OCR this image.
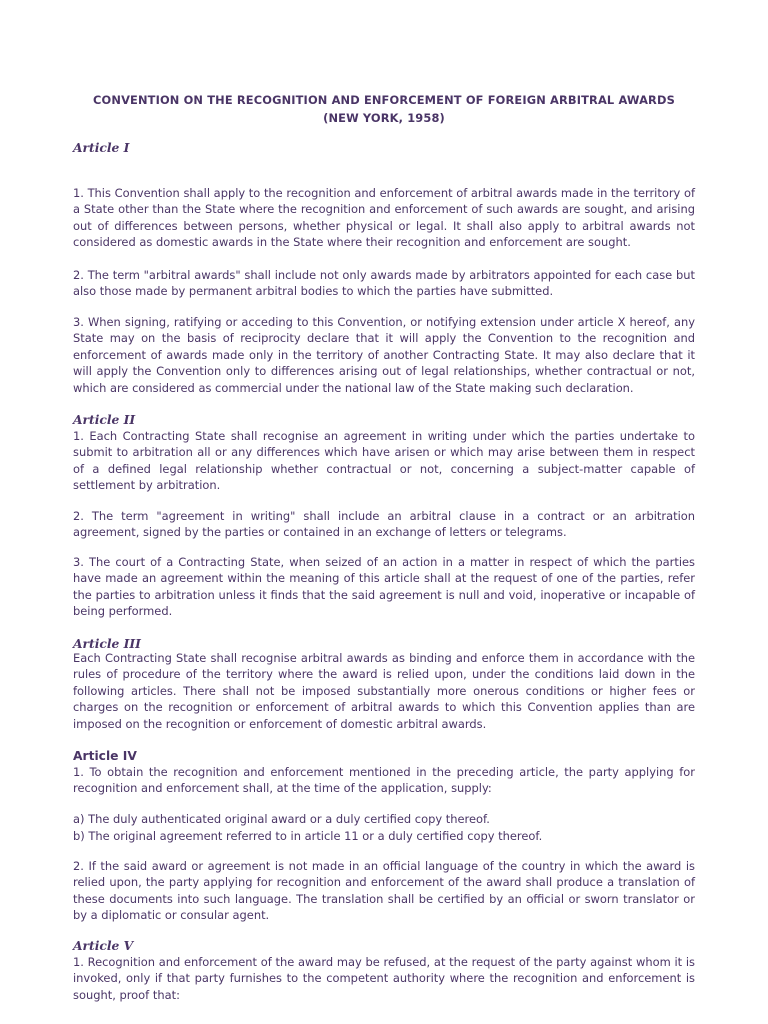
CONVENTION ON THE RECOGNITION AND ENFORCEMENT OF FOREIGN ARBITRAL AWARDS

(NEW YORK, 1958)

Article I

1. This Convention shall apply to the recognition and enforcement of arbitral awards made in the territory of a State other than the State where the recognition and enforcement of such awards are sought, and arising out of differences between persons, whether physical or legal. It shall also apply to arbitral awards not considered as domestic awards in the State where their recognition and enforcement are sought.

2. The term "arbitral awards" shall include not only awards made by arbitrators appointed for each case but also those made by permanent arbitral bodies to which the parties have submitted.

3. When signing, ratifying or acceding to this Convention, or notifying extension under article X hereof, any State may on the basis of reciprocity declare that it will apply the Convention to the recognition and enforcement of awards made only in the territory of another Contracting State. It may also declare that it will apply the Convention only to differences arising out of legal relationships, whether contractual or not, which are considered as commercial under the national law of the State making such declaration.

Article II

1. Each Contracting State shall recognise an agreement in writing under which the parties undertake to submit to arbitration all or any differences which have arisen or which may arise between them in respect of a defined legal relationship whether contractual or not, concerning a subject-matter capable of settlement by arbitration.

2. The term "agreement in writing" shall include an arbitral clause in a contract or an arbitration agreement, signed by the parties or contained in an exchange of letters or telegrams.

3. The court of a Contracting State, when seized of an action in a matter in respect of which the parties have made an agreement within the meaning of this article shall at the request of one of the parties, refer the parties to arbitration unless it finds that the said agreement is null and void, inoperative or incapable of being performed.

Article III

Each Contracting State shall recognise arbitral awards as binding and enforce them in accordance with the rules of procedure of the territory where the award is relied upon, under the conditions laid down in the following articles. There shall not be imposed substantially more onerous conditions or higher fees or charges on the recognition or enforcement of arbitral awards to which this Convention applies than are imposed on the recognition or enforcement of domestic arbitral awards.

Article IV

1. To obtain the recognition and enforcement mentioned in the preceding article, the party applying for recognition and enforcement shall, at the time of the application, supply:

a) The duly authenticated original award or a duly certified copy thereof.

b) The original agreement referred to in article 11 or a duly certified copy thereof.

2. If the said award or agreement is not made in an official language of the country in which the award is relied upon, the party applying for recognition and enforcement of the award shall produce a translation of these documents into such language. The translation shall be certified by an official or sworn translator or by a diplomatic or consular agent.

Article V

1. Recognition and enforcement of the award may be refused, at the request of the party against whom it is invoked, only if that party furnishes to the competent authority where the recognition and enforcement is sought, proof that:
